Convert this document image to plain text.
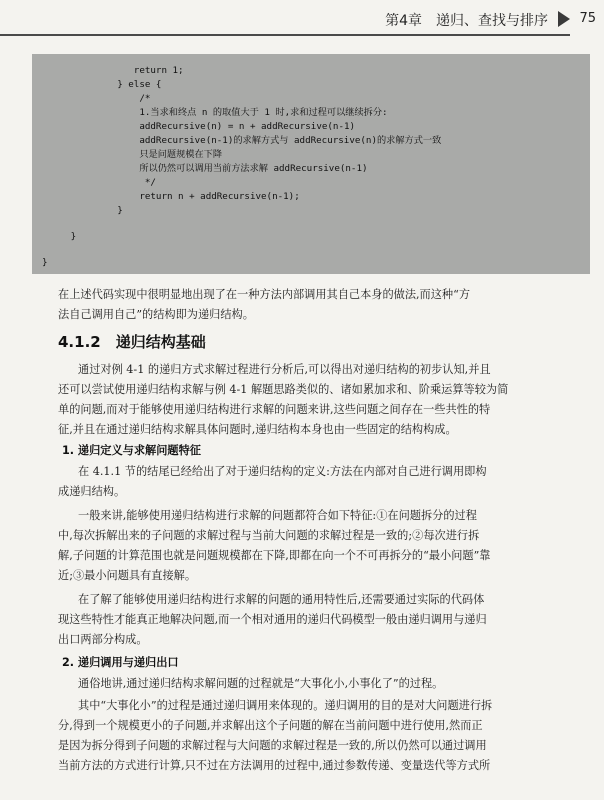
第4章　递归、查找与排序 75
return 1;
} else {
/*
1.当求和终点 n 的取值大于 1 时,求和过程可以继续拆分:
addRecursive(n) = n + addRecursive(n-1)
addRecursive(n-1)的求解方式与 addRecursive(n)的求解方式一致
只是问题规模在下降
所以仍然可以调用当前方法求解 addRecursive(n-1)
*/
return n + addRecursive(n-1);
}
}
}

在上述代码实现中很明显地出现了在一种方法内部调用其自己本身的做法,而这种“方

法自己调用自己”的结构即为递归结构。

4.1.2　递归结构基础

通过对例 4-1 的递归方式求解过程进行分析后,可以得出对递归结构的初步认知,并且

还可以尝试使用递归结构求解与例 4-1 解题思路类似的、诸如累加求和、阶乘运算等较为简

单的问题,而对于能够使用递归结构进行求解的问题来讲,这些问题之间存在一些共性的特

征,并且在通过递归结构求解具体问题时,递归结构本身也由一些固定的结构构成。

1. 递归定义与求解问题特征

在 4.1.1 节的结尾已经给出了对于递归结构的定义:方法在内部对自己进行调用即构

成递归结构。

一般来讲,能够使用递归结构进行求解的问题都符合如下特征:①在问题拆分的过程

中,每次拆解出来的子问题的求解过程与当前大问题的求解过程是一致的;②每次进行拆

解,子问题的计算范围也就是问题规模都在下降,即都在向一个不可再拆分的“最小问题”靠

近;③最小问题具有直接解。

在了解了能够使用递归结构进行求解的问题的通用特性后,还需要通过实际的代码体

现这些特性才能真正地解决问题,而一个相对通用的递归代码模型一般由递归调用与递归

出口两部分构成。

2. 递归调用与递归出口

通俗地讲,通过递归结构求解问题的过程就是“大事化小,小事化了”的过程。

其中“大事化小”的过程是通过递归调用来体现的。递归调用的目的是对大问题进行拆

分,得到一个规模更小的子问题,并求解出这个子问题的解在当前问题中进行使用,然而正

是因为拆分得到子问题的求解过程与大问题的求解过程是一致的,所以仍然可以通过调用

当前方法的方式进行计算,只不过在方法调用的过程中,通过参数传递、变量迭代等方式所
